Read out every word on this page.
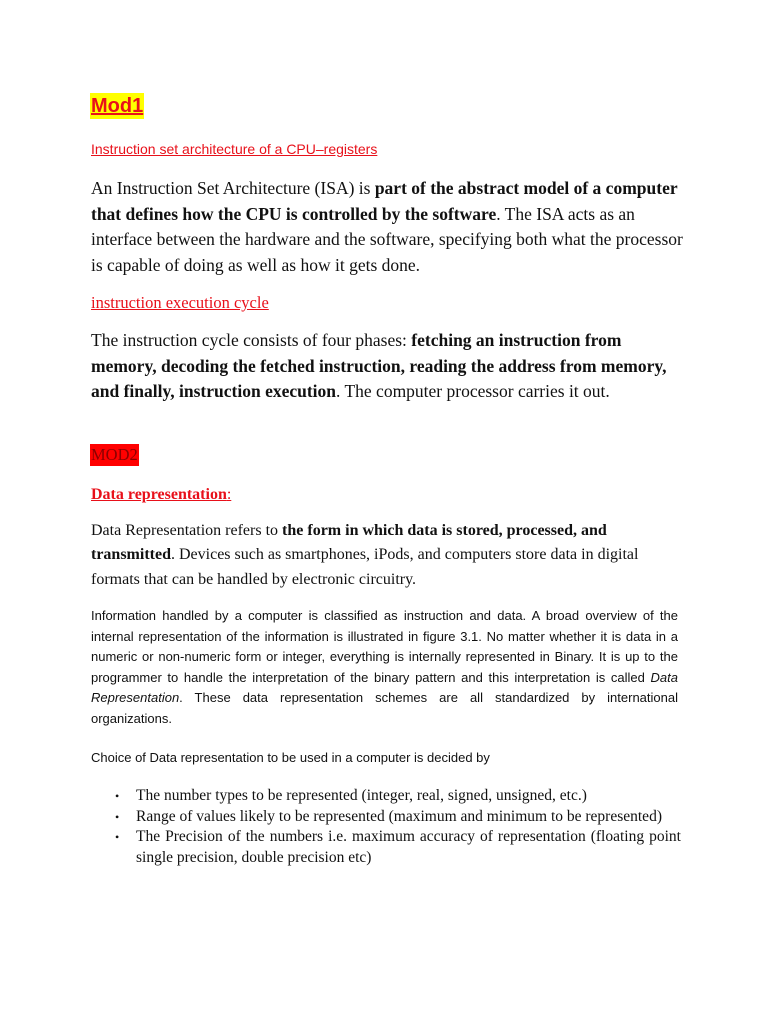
Mod1
Instruction set architecture of a CPU–registers

An Instruction Set Architecture (ISA) is part of the abstract model of a computer that defines how the CPU is controlled by the software. The ISA acts as an interface between the hardware and the software, specifying both what the processor is capable of doing as well as how it gets done.

instruction execution cycle

The instruction cycle consists of four phases: fetching an instruction from memory, decoding the fetched instruction, reading the address from memory, and finally, instruction execution. The computer processor carries it out.

MOD2
Data representation:

Data Representation refers to the form in which data is stored, processed, and transmitted. Devices such as smartphones, iPods, and computers store data in digital formats that can be handled by electronic circuitry.

Information handled by a computer is classified as instruction and data. A broad overview of the internal representation of the information is illustrated in figure 3.1. No matter whether it is data in a numeric or non-numeric form or integer, everything is internally represented in Binary. It is up to the programmer to handle the interpretation of the binary pattern and this interpretation is called Data Representation. These data representation schemes are all standardized by international organizations.

Choice of Data representation to be used in a computer is decided by

• The number types to be represented (integer, real, signed, unsigned, etc.)
• Range of values likely to be represented (maximum and minimum to be represented)
• The Precision of the numbers i.e. maximum accuracy of representation (floating point single precision, double precision etc)
